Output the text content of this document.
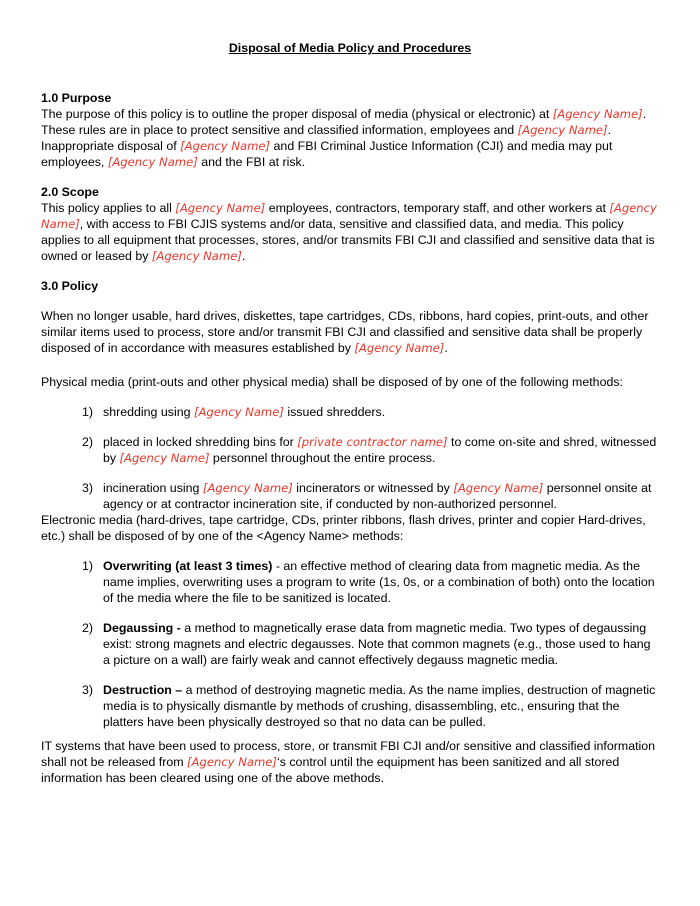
Disposal of Media Policy and Procedures

1.0 Purpose

The purpose of this policy is to outline the proper disposal of media (physical or electronic) at [Agency Name]. These rules are in place to protect sensitive and classified information, employees and [Agency Name]. Inappropriate disposal of [Agency Name] and FBI Criminal Justice Information (CJI) and media may put employees, [Agency Name] and the FBI at risk.

2.0 Scope

This policy applies to all [Agency Name] employees, contractors, temporary staff, and other workers at [Agency Name], with access to FBI CJIS systems and/or data, sensitive and classified data, and media. This policy applies to all equipment that processes, stores, and/or transmits FBI CJI and classified and sensitive data that is owned or leased by [Agency Name].

3.0 Policy

When no longer usable, hard drives, diskettes, tape cartridges, CDs, ribbons, hard copies, print-outs, and other similar items used to process, store and/or transmit FBI CJI and classified and sensitive data shall be properly disposed of in accordance with measures established by [Agency Name].

Physical media (print-outs and other physical media) shall be disposed of by one of the following methods:

1) shredding using [Agency Name] issued shredders.
2) placed in locked shredding bins for [private contractor name] to come on-site and shred, witnessed by [Agency Name] personnel throughout the entire process.
3) incineration using [Agency Name] incinerators or witnessed by [Agency Name] personnel onsite at agency or at contractor incineration site, if conducted by non-authorized personnel.

Electronic media (hard-drives, tape cartridge, CDs, printer ribbons, flash drives, printer and copier Hard-drives, etc.) shall be disposed of by one of the <Agency Name> methods:

1) Overwriting (at least 3 times) - an effective method of clearing data from magnetic media. As the name implies, overwriting uses a program to write (1s, 0s, or a combination of both) onto the location of the media where the file to be sanitized is located.
2) Degaussing - a method to magnetically erase data from magnetic media. Two types of degaussing exist: strong magnets and electric degausses. Note that common magnets (e.g., those used to hang a picture on a wall) are fairly weak and cannot effectively degauss magnetic media.
3) Destruction – a method of destroying magnetic media. As the name implies, destruction of magnetic media is to physically dismantle by methods of crushing, disassembling, etc., ensuring that the platters have been physically destroyed so that no data can be pulled.

IT systems that have been used to process, store, or transmit FBI CJI and/or sensitive and classified information shall not be released from [Agency Name]‘s control until the equipment has been sanitized and all stored information has been cleared using one of the above methods.
